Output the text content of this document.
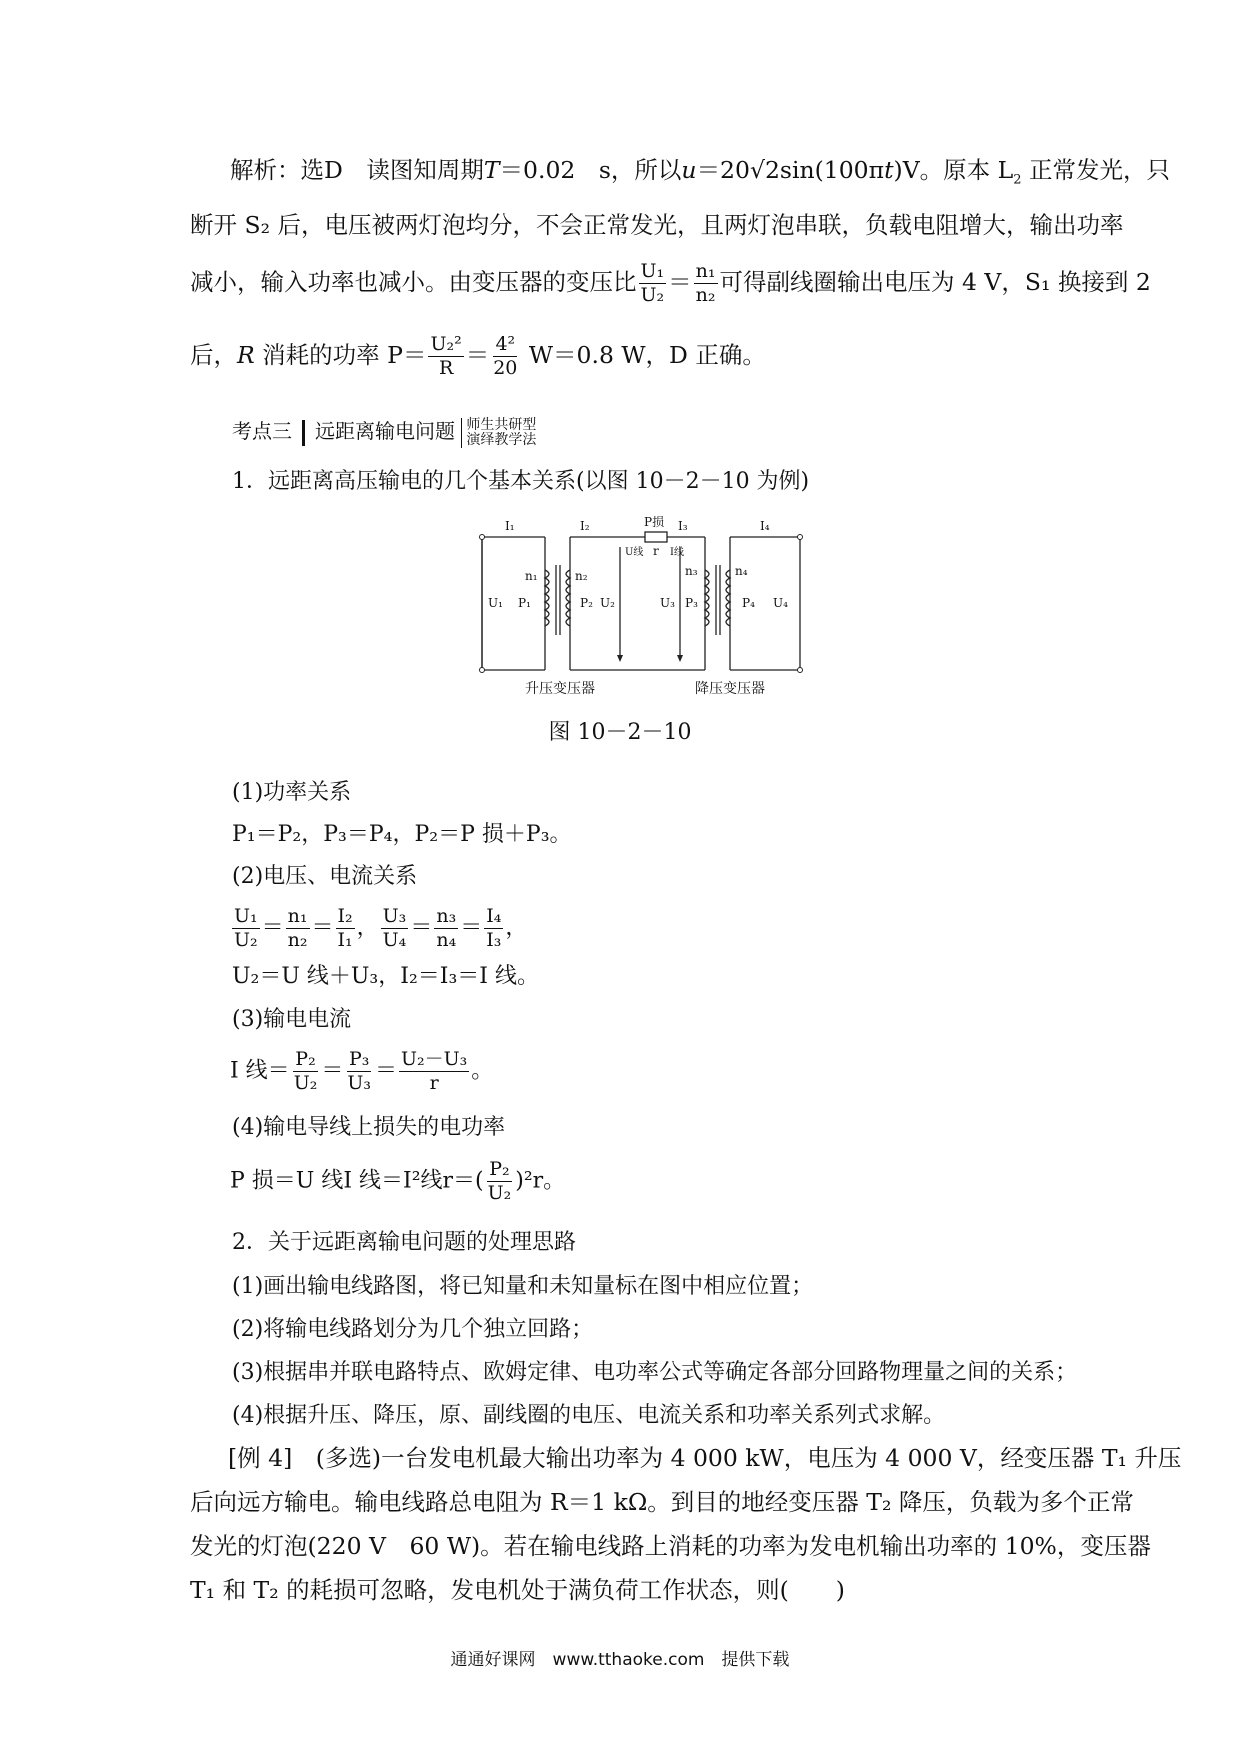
解析：选D　读图知周期T＝0.02　s，所以u＝20√2sin(100πt)V。原本 $L_2$ 正常发光，只
断开 S₂ 后，电压被两灯泡均分，不会正常发光，且两灯泡串联，负载电阻增大，输出功率
减小，输入功率也减小。由变压器的变压比 $\frac{\text{U₁}}{\text{U₂}} = \frac{\text{n₁}}{\text{n₂}}$ 可得副线圈输出电压为 4 V，S₁ 换接到 2
后，R 消耗的功率 $P= \frac{\text{U₂²}}{R} = \frac{\text{4²}}{20} W=0.8$ W，D 正确。
考点三 远距离输电问题 师生共研型
演绎教学法
1．远距离高压输电的几个基本关系(以图 10－2－10 为例)
I₁	I₂	I₃	I₄
P损
r
U线	I线
n₁	n₂	n₃	n₄
U₁ P₁	P₂ U₂	U₃ P₃	P₄ U₄
升压变压器	降压变压器
图 10－2－10
(1)功率关系
P₁＝P₂，P₃＝P₄，P₂＝P 损＋P₃。
(2)电压、电流关系
$\frac{\text{U₁}}{\text{U₂}} = \frac{\text{n₁}}{\text{n₂}} = \frac{\text{I₂}}{\text{I₁}}$ ， $\frac{\text{U₃}}{\text{U₄}} = \frac{\text{n₃}}{\text{n₄}} = \frac{\text{I₄}}{\text{I₃}}$ ，
U₂＝U 线＋U₃，I₂＝I₃＝I 线。
(3)输电电流
I 线＝ $\frac{\text{P₂}}{\text{U₂}} = \frac{\text{P₃}}{\text{U₃}} = \frac{\text{U₂－U₃}}{r}$ 。
(4)输电导线上损失的电功率
P 损＝U 线I 线＝I²线$r=( \frac{\text{P₂}}{\text{U₂}} )^2r$。
2．关于远距离输电问题的处理思路
(1)画出输电线路图，将已知量和未知量标在图中相应位置；
(2)将输电线路划分为几个独立回路；
(3)根据串并联电路特点、欧姆定律、电功率公式等确定各部分回路物理量之间的关系；
(4)根据升压、降压，原、副线圈的电压、电流关系和功率关系列式求解。
[例 4]　(多选)一台发电机最大输出功率为 4 000 kW，电压为 4 000 V，经变压器 T₁ 升压
后向远方输电。输电线路总电阻为 R＝1 kΩ。到目的地经变压器 T₂ 降压，负载为多个正常
发光的灯泡(220 V　60 W)。若在输电线路上消耗的功率为发电机输出功率的 10%，变压器
T₁ 和 T₂ 的耗损可忽略，发电机处于满负荷工作状态，则(　　)
通通好课网　www.tthaoke.com　提供下载
